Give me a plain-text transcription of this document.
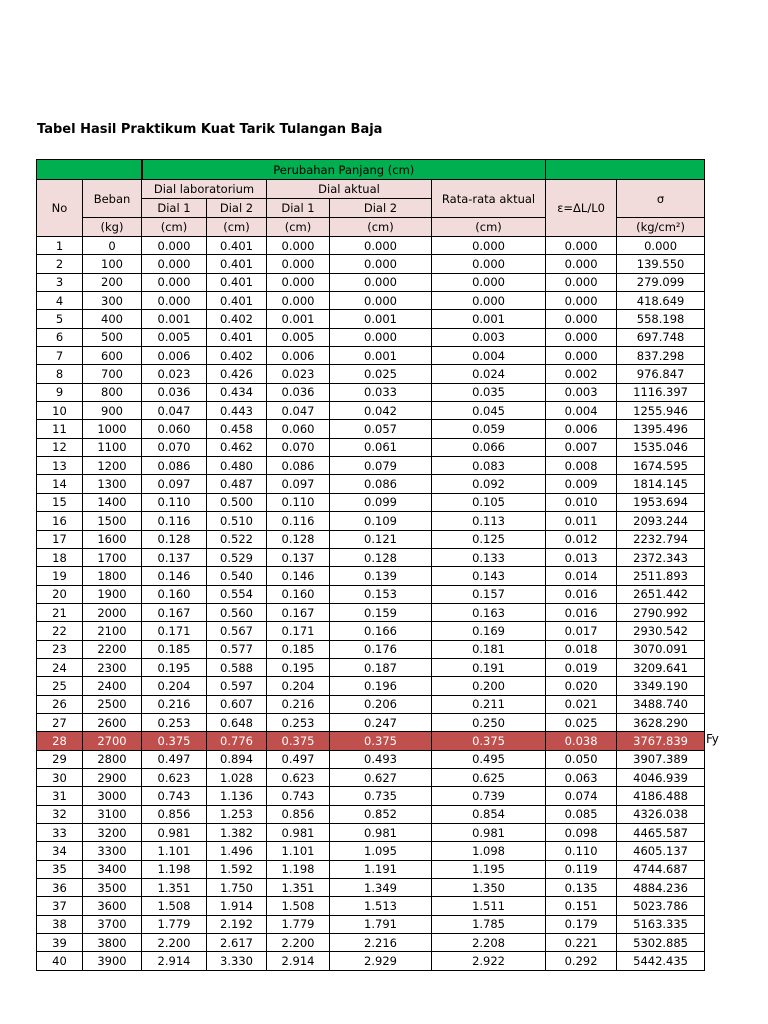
Tabel Hasil Praktikum Kuat Tarik Tulangan Baja
		Perubahan Panjang (cm)						
No	Beban	Dial laboratorium		Dial aktual		Rata-rata aktual	ε=ΔL/L0	σ
		Dial 1	Dial 2	Dial 1	Dial 2			
	(kg)	(cm)	(cm)	(cm)	(cm)	(cm)		(kg/cm²)
1	0	0.000	0.401	0.000	0.000	0.000	0.000	0.000
2	100	0.000	0.401	0.000	0.000	0.000	0.000	139.550
3	200	0.000	0.401	0.000	0.000	0.000	0.000	279.099
4	300	0.000	0.401	0.000	0.000	0.000	0.000	418.649
5	400	0.001	0.402	0.001	0.001	0.001	0.000	558.198
6	500	0.005	0.401	0.005	0.000	0.003	0.000	697.748
7	600	0.006	0.402	0.006	0.001	0.004	0.000	837.298
8	700	0.023	0.426	0.023	0.025	0.024	0.002	976.847
9	800	0.036	0.434	0.036	0.033	0.035	0.003	1116.397
10	900	0.047	0.443	0.047	0.042	0.045	0.004	1255.946
11	1000	0.060	0.458	0.060	0.057	0.059	0.006	1395.496
12	1100	0.070	0.462	0.070	0.061	0.066	0.007	1535.046
13	1200	0.086	0.480	0.086	0.079	0.083	0.008	1674.595
14	1300	0.097	0.487	0.097	0.086	0.092	0.009	1814.145
15	1400	0.110	0.500	0.110	0.099	0.105	0.010	1953.694
16	1500	0.116	0.510	0.116	0.109	0.113	0.011	2093.244
17	1600	0.128	0.522	0.128	0.121	0.125	0.012	2232.794
18	1700	0.137	0.529	0.137	0.128	0.133	0.013	2372.343
19	1800	0.146	0.540	0.146	0.139	0.143	0.014	2511.893
20	1900	0.160	0.554	0.160	0.153	0.157	0.016	2651.442
21	2000	0.167	0.560	0.167	0.159	0.163	0.016	2790.992
22	2100	0.171	0.567	0.171	0.166	0.169	0.017	2930.542
23	2200	0.185	0.577	0.185	0.176	0.181	0.018	3070.091
24	2300	0.195	0.588	0.195	0.187	0.191	0.019	3209.641
25	2400	0.204	0.597	0.204	0.196	0.200	0.020	3349.190
26	2500	0.216	0.607	0.216	0.206	0.211	0.021	3488.740
27	2600	0.253	0.648	0.253	0.247	0.250	0.025	3628.290
28	2700	0.375	0.776	0.375	0.375	0.375	0.038	3767.839
29	2800	0.497	0.894	0.497	0.493	0.495	0.050	3907.389
30	2900	0.623	1.028	0.623	0.627	0.625	0.063	4046.939
31	3000	0.743	1.136	0.743	0.735	0.739	0.074	4186.488
32	3100	0.856	1.253	0.856	0.852	0.854	0.085	4326.038
33	3200	0.981	1.382	0.981	0.981	0.981	0.098	4465.587
34	3300	1.101	1.496	1.101	1.095	1.098	0.110	4605.137
35	3400	1.198	1.592	1.198	1.191	1.195	0.119	4744.687
36	3500	1.351	1.750	1.351	1.349	1.350	0.135	4884.236
37	3600	1.508	1.914	1.508	1.513	1.511	0.151	5023.786
38	3700	1.779	2.192	1.779	1.791	1.785	0.179	5163.335
39	3800	2.200	2.617	2.200	2.216	2.208	0.221	5302.885
40	3900	2.914	3.330	2.914	2.929	2.922	0.292	5442.435
Fy
